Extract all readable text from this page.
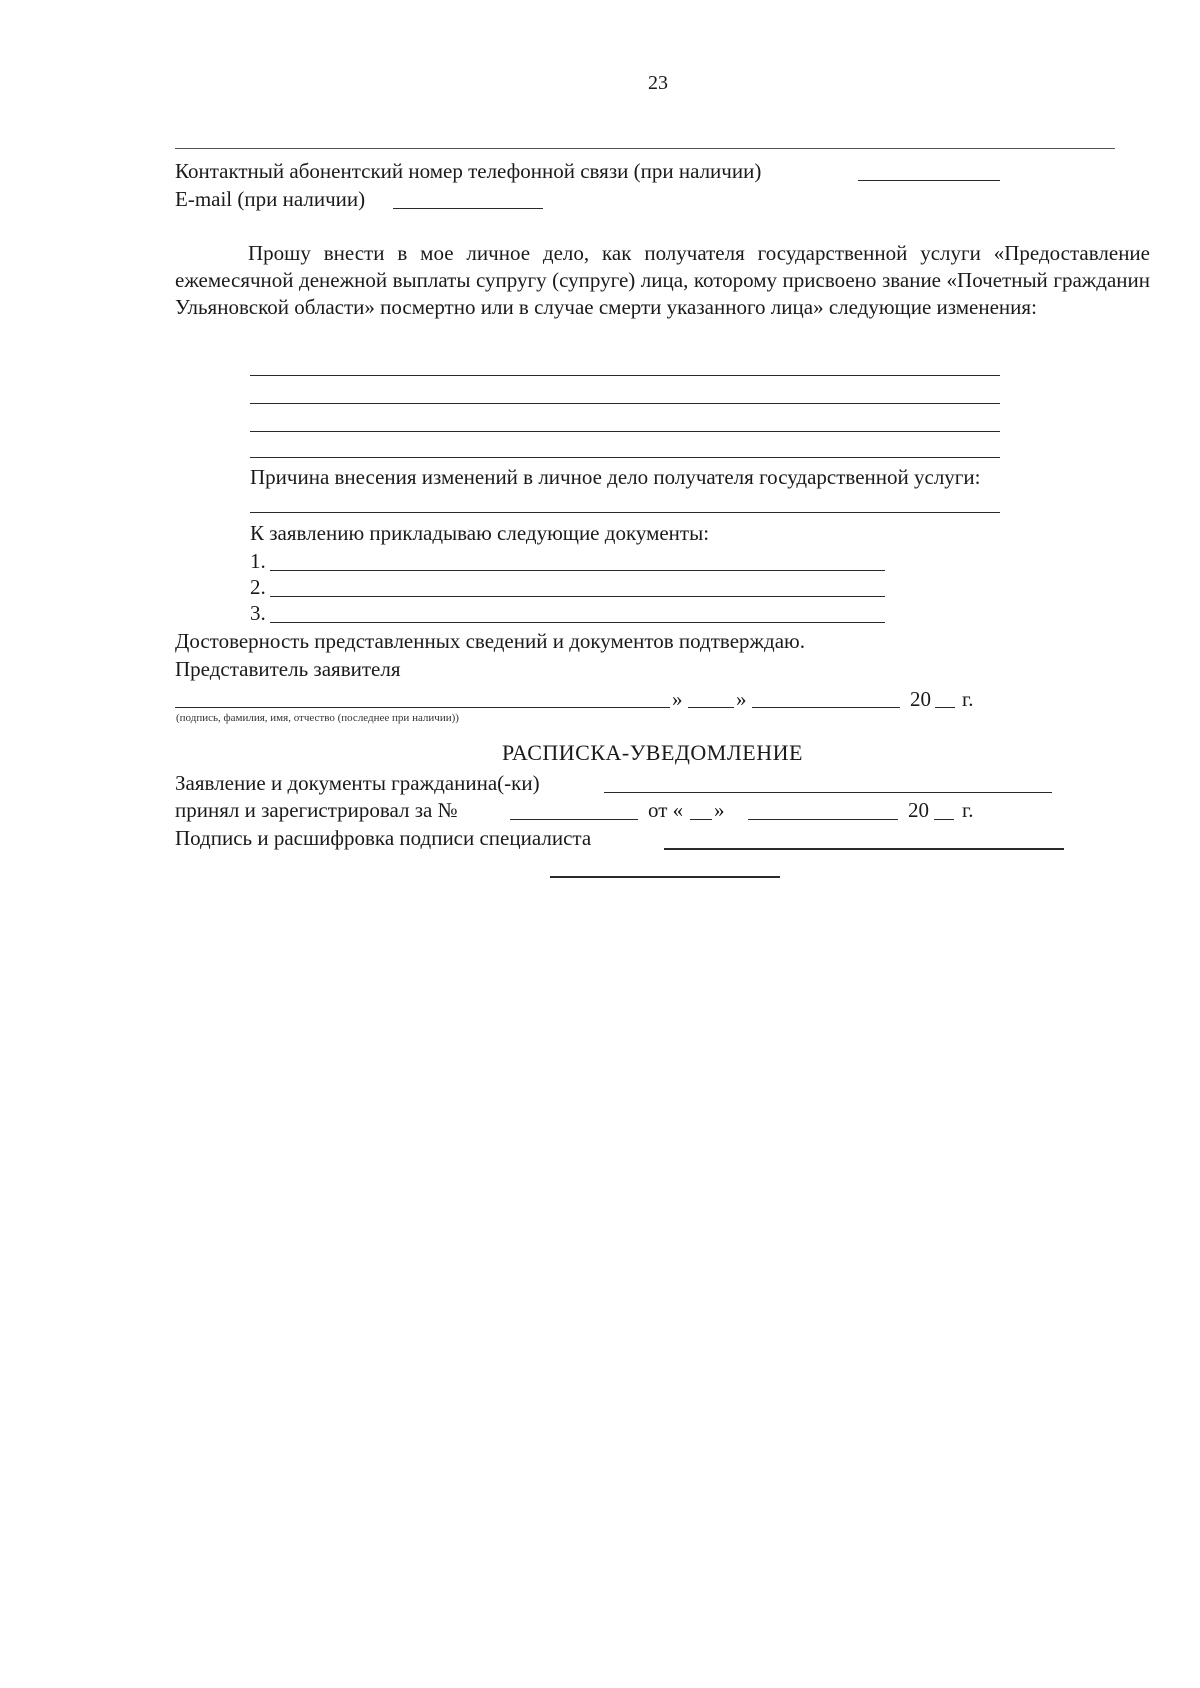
23
Контактный абонентский номер телефонной связи (при наличии)
E-mail (при наличии)
Прошу внести в мое личное дело, как получателя государственной услуги «Предоставление ежемесячной денежной выплаты супругу (супруге) лица, которому присвоено звание «Почетный гражданин Ульяновской области» посмертно или в случае смерти указанного лица» следующие изменения:
Причина внесения изменений в личное дело получателя государственной услуги:
К заявлению прикладываю следующие документы:
1.
2.
3.
Достоверность представленных сведений и документов подтверждаю.
Представитель заявителя
»	»	20 г.
(подпись, фамилия, имя, отчество (последнее при наличии))
РАСПИСКА-УВЕДОМЛЕНИЕ
Заявление и документы гражданина(-ки)
принял и зарегистрировал за №	от « »	20 г.
Подпись и расшифровка подписи специалиста
